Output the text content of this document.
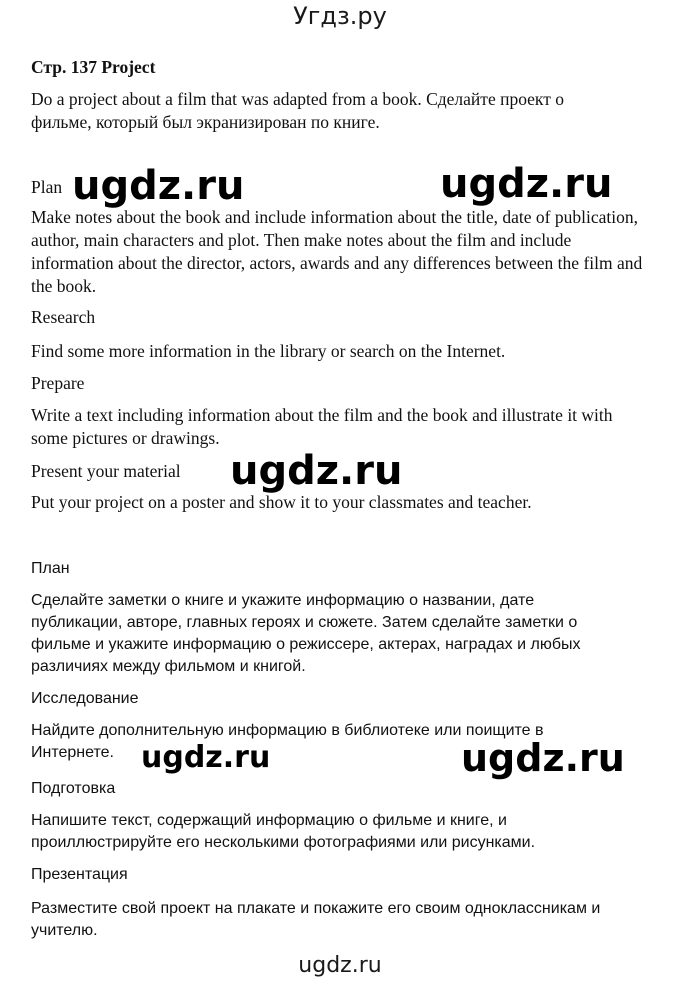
Угдз.ру

Стр. 137 Project

Do a project about a film that was adapted from a book. Сделайте проект о фильме, который был экранизирован по книге.

Plan

Make notes about the book and include information about the title, date of publication, author, main characters and plot. Then make notes about the film and include information about the director, actors, awards and any differences between the film and the book.

Research

Find some more information in the library or search on the Internet.

Prepare

Write a text including information about the film and the book and illustrate it with some pictures or drawings.

Present your material

Put your project on a poster and show it to your classmates and teacher.

План

Сделайте заметки о книге и укажите информацию о названии, дате публикации, авторе, главных героях и сюжете. Затем сделайте заметки о фильме и укажите информацию о режиссере, актерах, наградах и любых различиях между фильмом и книгой.

Исследование

Найдите дополнительную информацию в библиотеке или поищите в Интернете.

Подготовка

Напишите текст, содержащий информацию о фильме и книге, и проиллюстрируйте его несколькими фотографиями или рисунками.

Презентация

Разместите свой проект на плакате и покажите его своим одноклассникам и учителю.

ugdz.ru	ugdz.ru
ugdz.ru
ugdz.ru	ugdz.ru
ugdz.ru
